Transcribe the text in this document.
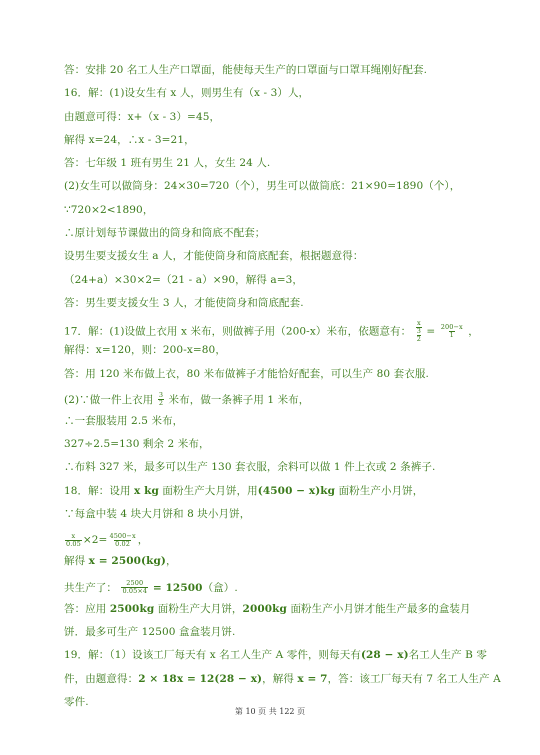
答：安排 20 名工人生产口罩面，能使每天生产的口罩面与口罩耳绳刚好配套.
16．解：(1)设女生有 x 人，则男生有（x - 3）人，
由题意可得：x+（x - 3）=45，
解得 x=24，∴x - 3=21，
答：七年级 1 班有男生 21 人，女生 24 人.
(2)女生可以做筒身：24×30=720（个），男生可以做筒底：21×90=1890（个），
∵720×2<1890，
∴原计划每节课做出的筒身和筒底不配套；
设男生要支援女生 a 人，才能使筒身和筒底配套，根据题意得：
（24+a）×30×2=（21 - a）×90，解得 a=3，
答：男生要支援女生 3 人，才能使筒身和筒底配套.
17．解：(1)设做上衣用 x 米布，则做裤子用（200-x）米布，依题意有： $\frac{x}{\frac{3}{2}} = \frac{200-x}{1}$ ，
解得：x=120，则：200-x=80，
答：用 120 米布做上衣，80 米布做裤子才能恰好配套，可以生产 80 套衣服.
(2)∵做一件上衣用 $\frac{3}{2}$ 米布，做一条裤子用 1 米布，
∴一套服装用 2.5 米布，
327÷2.5=130 剩余 2 米布，
∴布料 327 米，最多可以生产 130 套衣服，余料可以做 1 件上衣或 2 条裤子.
18．解：设用 x kg 面粉生产大月饼，用(4500 − x)kg 面粉生产小月饼，
∵每盒中装 4 块大月饼和 8 块小月饼，
$\frac{x}{0.05} \times 2= \frac{4500-x}{0.02}$ ，
解得 x = 2500(kg)，
共生产了： $\frac{2500}{0.05\times 4} = 12500$（盒）.
答：应用 2500kg 面粉生产大月饼，2000kg 面粉生产小月饼才能生产最多的盒装月
饼．最多可生产 12500 盒盒装月饼.
19．解：（1）设该工厂每天有 x 名工人生产 A 零件，则每天有(28 − x)名工人生产 B 零
件，由题意得：2 × 18x = 12(28 − x)，解得 x = 7，答：该工厂每天有 7 名工人生产 A
零件.
第 10 页 共 122 页
